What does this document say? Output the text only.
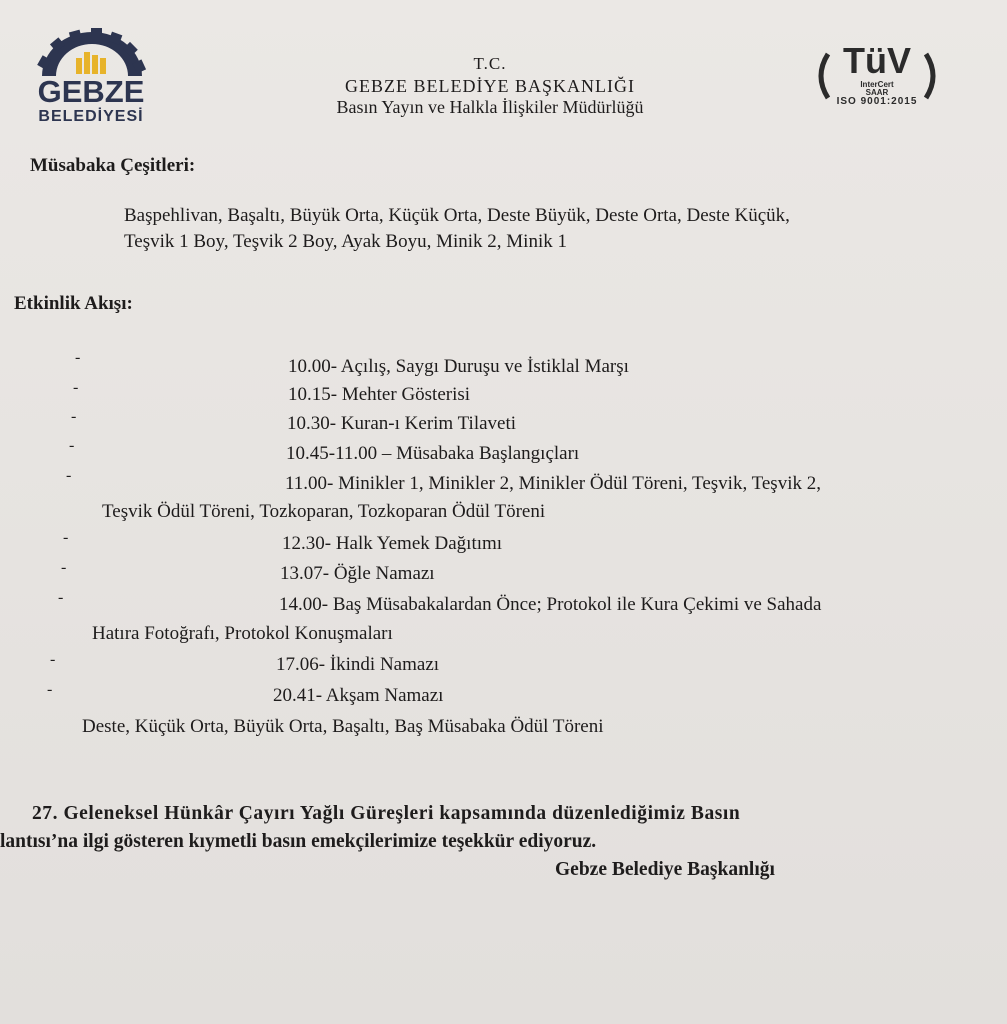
GEBZE
BELEDİYESİ
T.C.
GEBZE BELEDİYE BAŞKANLIĞI
Basın Yayın ve Halkla İlişkiler Müdürlüğü
TüV
InterCert
SAAR
ISO 9001:2015
Müsabaka Çeşitleri:
Başpehlivan, Başaltı, Büyük Orta, Küçük Orta, Deste Büyük, Deste Orta, Deste Küçük,
Teşvik 1 Boy, Teşvik 2 Boy, Ayak Boyu, Minik 2, Minik 1
Etkinlik Akışı:
-	10.00- Açılış, Saygı Duruşu ve İstiklal Marşı
-	10.15- Mehter Gösterisi
-	10.30- Kuran-ı Kerim Tilaveti
-	10.45-11.00 – Müsabaka Başlangıçları
-	11.00- Minikler 1, Minikler 2, Minikler Ödül Töreni, Teşvik, Teşvik 2,
Teşvik Ödül Töreni, Tozkoparan, Tozkoparan Ödül Töreni
-	12.30- Halk Yemek Dağıtımı
-	13.07- Öğle Namazı
-	14.00- Baş Müsabakalardan Önce; Protokol ile Kura Çekimi ve Sahada
Hatıra Fotoğrafı, Protokol Konuşmaları
-	17.06- İkindi Namazı
-	20.41- Akşam Namazı
Deste, Küçük Orta, Büyük Orta, Başaltı, Baş Müsabaka Ödül Töreni
27. Geleneksel Hünkâr Çayırı Yağlı Güreşleri kapsamında düzenlediğimiz Basın
lantısı’na ilgi gösteren kıymetli basın emekçilerimize teşekkür ediyoruz.
Gebze Belediye Başkanlığı
